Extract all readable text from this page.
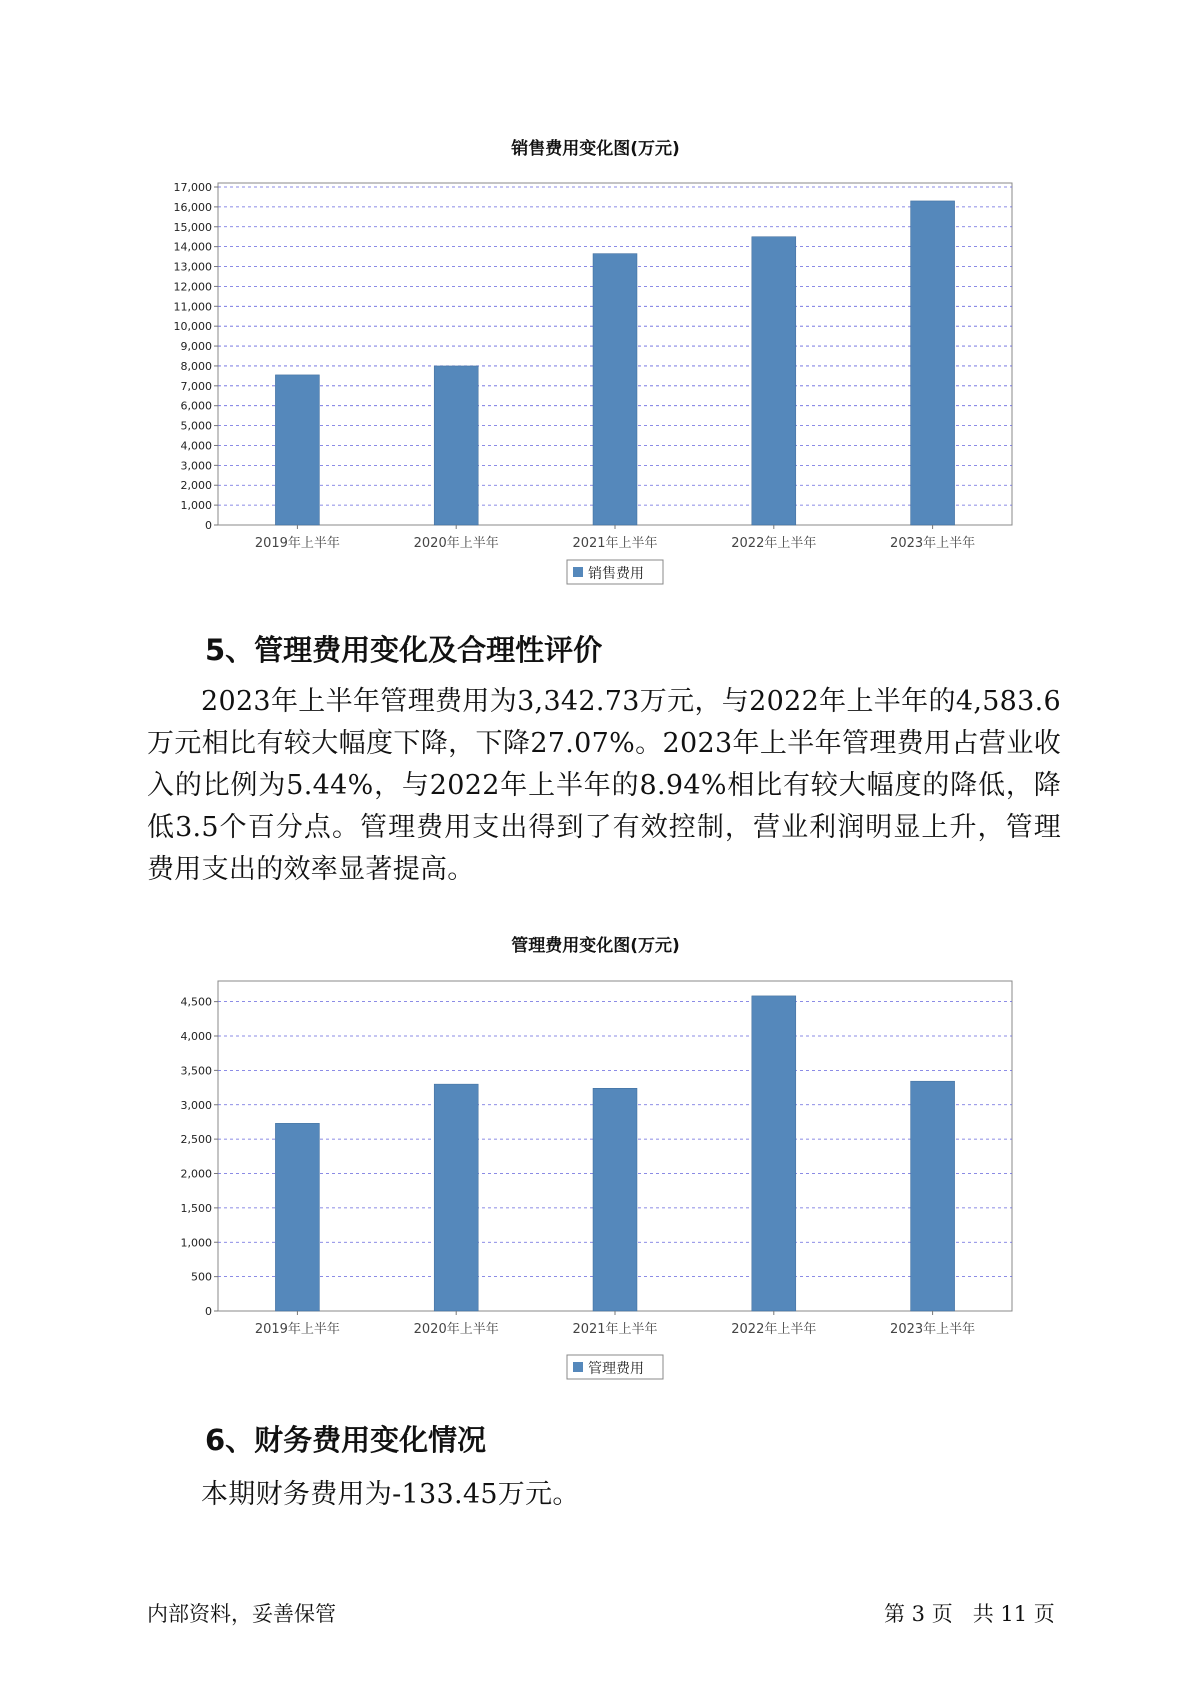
销售费用变化图(万元)
0
1,000
2,000
3,000
4,000
5,000
6,000
7,000
8,000
9,000
10,000
11,000
12,000
13,000
14,000
15,000
16,000
17,000
2019年上半年	2020年上半年	2021年上半年	2022年上半年	2023年上半年
销售费用
5、管理费用变化及合理性评价
2023年上半年管理费用为3,342.73万元，与2022年上半年的4,583.6万元相比有较大幅度下降，下降27.07%。2023年上半年管理费用占营业收入的比例为5.44%，与2022年上半年的8.94%相比有较大幅度的降低，降低3.5个百分点。管理费用支出得到了有效控制，营业利润明显上升，管理费用支出的效率显著提高。
管理费用变化图(万元)
0
500
1,000
1,500
2,000
2,500
3,000
3,500
4,000
4,500
2019年上半年	2020年上半年	2021年上半年	2022年上半年	2023年上半年
管理费用
6、财务费用变化情况
本期财务费用为-133.45万元。
内部资料，妥善保管	第 3 页   共 11 页
